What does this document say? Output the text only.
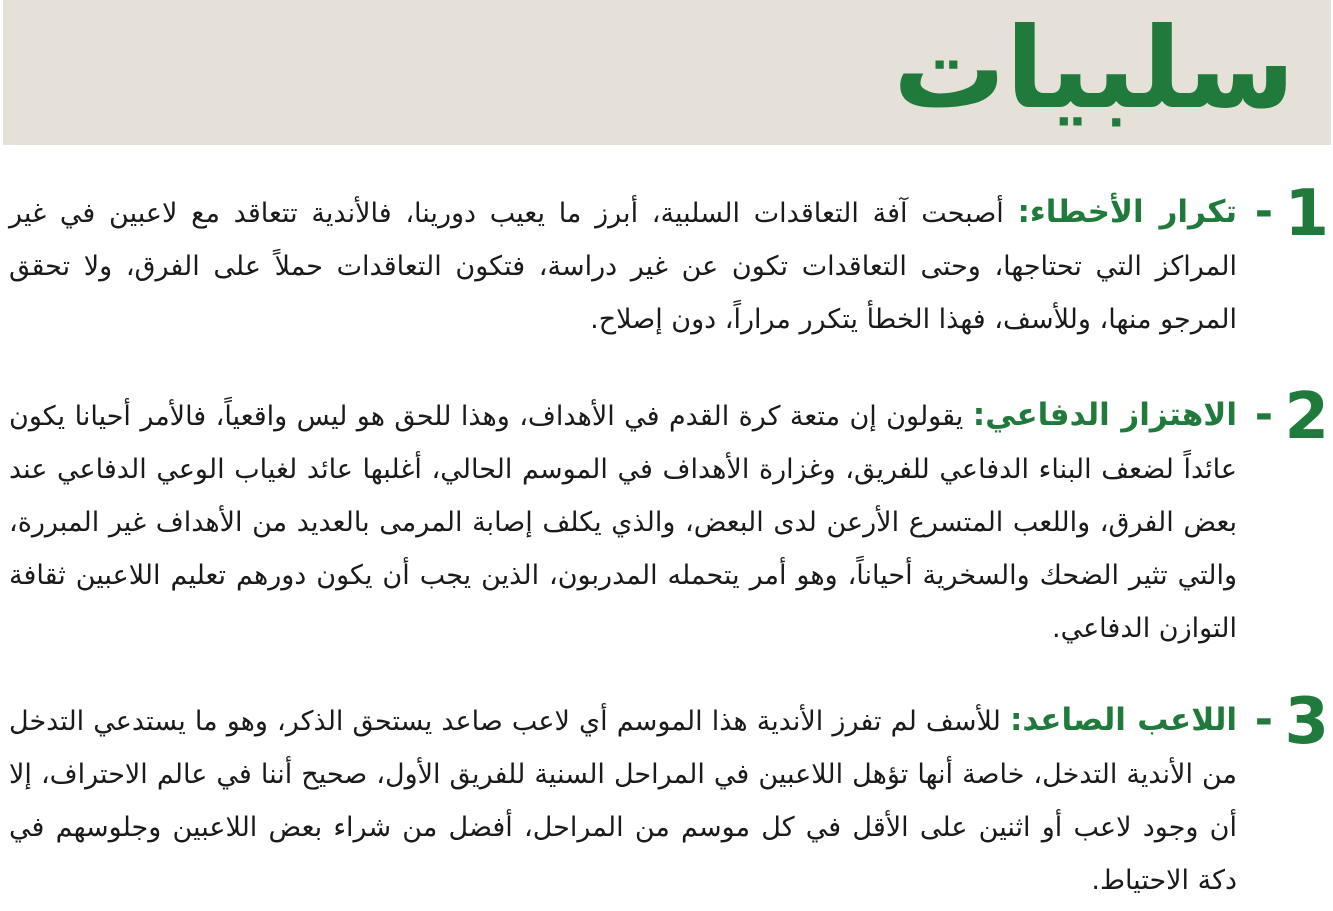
سلبيات
1
-

تكرار الأخطاء: أصبحت آفة التعاقدات السلبية، أبرز ما يعيب دورينا، فالأندية تتعاقد مع لاعبين في غير المراكز التي تحتاجها، وحتى التعاقدات تكون عن غير دراسة، فتكون التعاقدات حملاً على الفرق، ولا تحقق المرجو منها، وللأسف، فهذا الخطأ يتكرر مراراً، دون إصلاح.

2
-

الاهتزاز الدفاعي: يقولون إن متعة كرة القدم في الأهداف، وهذا للحق هو ليس واقعياً، فالأمر أحيانا يكون عائداً لضعف البناء الدفاعي للفريق، وغزارة الأهداف في الموسم الحالي، أغلبها عائد لغياب الوعي الدفاعي عند بعض الفرق، واللعب المتسرع الأرعن لدى البعض، والذي يكلف إصابة المرمى بالعديد من الأهداف غير المبررة، والتي تثير الضحك والسخرية أحياناً، وهو أمر يتحمله المدربون، الذين يجب أن يكون دورهم تعليم اللاعبين ثقافة التوازن الدفاعي.

3
-

اللاعب الصاعد: للأسف لم تفرز الأندية هذا الموسم أي لاعب صاعد يستحق الذكر، وهو ما يستدعي التدخل من الأندية التدخل، خاصة أنها تؤهل اللاعبين في المراحل السنية للفريق الأول، صحيح أننا في عالم الاحتراف، إلا أن وجود لاعب أو اثنين على الأقل في كل موسم من المراحل، أفضل من شراء بعض اللاعبين وجلوسهم في دكة الاحتياط.
